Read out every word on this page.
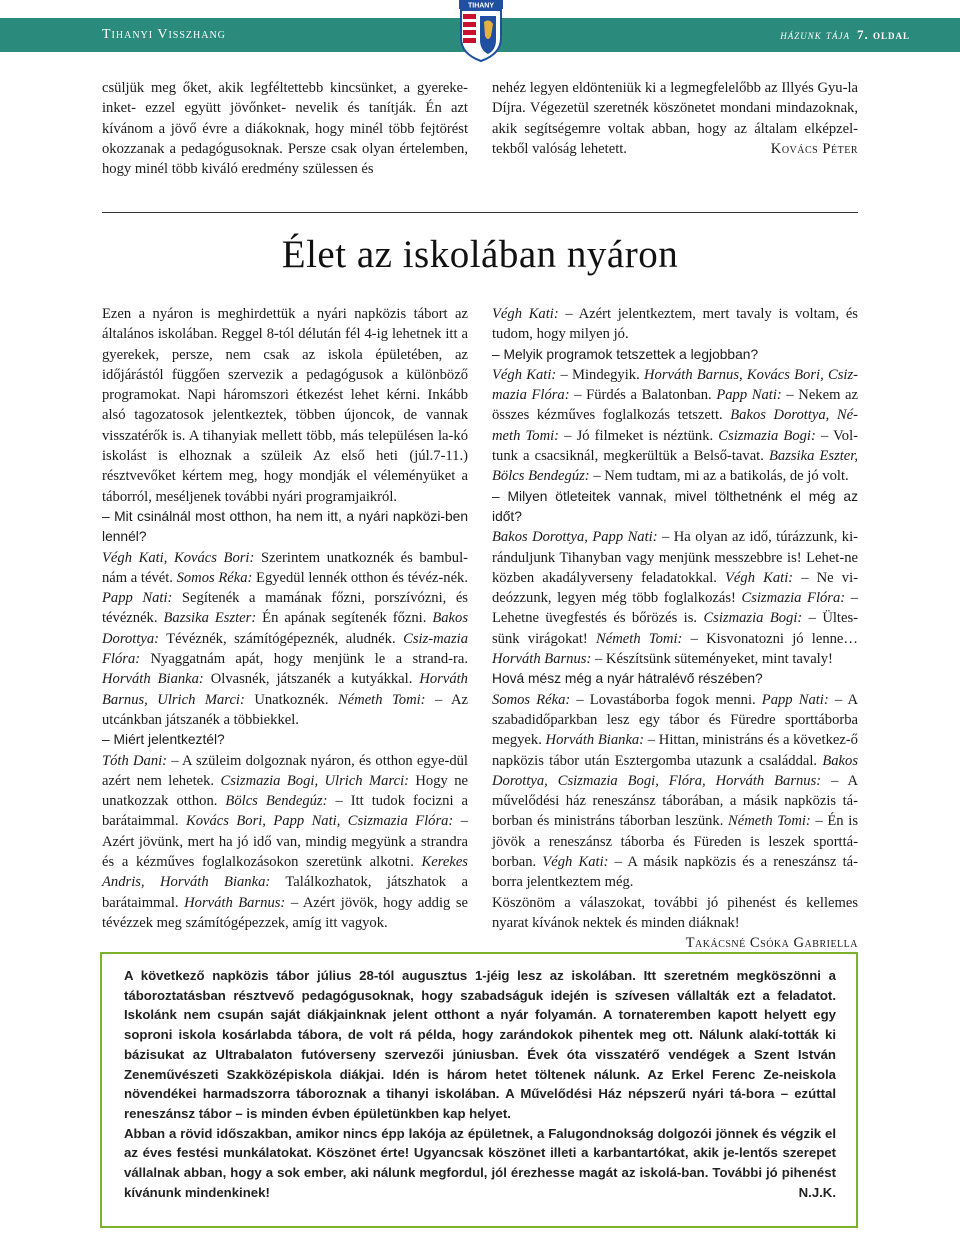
Tihanyi Visszhang	házunk tája 7. oldal
TIHANY

csüljük meg őket, akik legféltettebb kincsünket, a gyereke-inket- ezzel együtt jövőnket- nevelik és tanítják. Én azt kívánom a jövő évre a diákoknak, hogy minél több fejtörést okozzanak a pedagógusoknak. Persze csak olyan értelemben, hogy minél több kiváló eredmény szülessen és

nehéz legyen eldönteniük ki a legmegfelelőbb az Illyés Gyu-la Díjra. Végezetül szeretnék köszönetet mondani mindazoknak, akik segítségemre voltak abban, hogy az általam elképzel-tekből valóság lehetett.	Kovács Péter

Élet az iskolában nyáron

Ezen a nyáron is meghirdettük a nyári napközis tábort az általános iskolában. Reggel 8-tól délután fél 4-ig lehetnek itt a gyerekek, persze, nem csak az iskola épületében, az időjárástól függően szervezik a pedagógusok a különböző programokat. Napi háromszori étkezést lehet kérni. Inkább alsó tagozatosok jelentkeztek, többen újoncok, de vannak visszatérők is. A tihanyiak mellett több, más településen la-kó iskolást is elhoznak a szüleik Az első heti (júl.7-11.) résztvevőket kértem meg, hogy mondják el véleményüket a táborról, meséljenek további nyári programjaikról.

– Mit csinálnál most otthon, ha nem itt, a nyári napközi-ben lennél?

Végh Kati, Kovács Bori: Szerintem unatkoznék és bambul-nám a tévét. Somos Réka: Egyedül lennék otthon és tévéz-nék. Papp Nati: Segítenék a mamának főzni, porszívózni, és tévéznék. Bazsika Eszter: Én apának segítenék főzni. Bakos Dorottya: Tévéznék, számítógépeznék, aludnék. Csiz-mazia Flóra: Nyaggatnám apát, hogy menjünk le a strand-ra. Horváth Bianka: Olvasnék, játszanék a kutyákkal. Horváth Barnus, Ulrich Marci: Unatkoznék. Németh Tomi: – Az utcánkban játszanék a többiekkel.

– Miért jelentkeztél?

Tóth Dani: – A szüleim dolgoznak nyáron, és otthon egye-dül azért nem lehetek. Csizmazia Bogi, Ulrich Marci: Hogy ne unatkozzak otthon. Bölcs Bendegúz: – Itt tudok focizni a barátaimmal. Kovács Bori, Papp Nati, Csizmazia Flóra: – Azért jövünk, mert ha jó idő van, mindig megyünk a strandra és a kézműves foglalkozásokon szeretünk alkotni. Kerekes Andris, Horváth Bianka: Találkozhatok, játszhatok a barátaimmal. Horváth Barnus: – Azért jövök, hogy addig se tévézzek meg számítógépezzek, amíg itt vagyok.

Végh Kati: – Azért jelentkeztem, mert tavaly is voltam, és tudom, hogy milyen jó.

– Melyik programok tetszettek a legjobban?

Végh Kati: – Mindegyik. Horváth Barnus, Kovács Bori, Csiz-mazia Flóra: – Fürdés a Balatonban. Papp Nati: – Nekem az összes kézműves foglalkozás tetszett. Bakos Dorottya, Né-meth Tomi: – Jó filmeket is néztünk. Csizmazia Bogi: – Vol-tunk a csacsiknál, megkerültük a Belső-tavat. Bazsika Eszter, Bölcs Bendegúz: – Nem tudtam, mi az a batikolás, de jó volt.

– Milyen ötleteitek vannak, mivel tölthetnénk el még az időt?

Bakos Dorottya, Papp Nati: – Ha olyan az idő, túrázzunk, ki-ránduljunk Tihanyban vagy menjünk messzebbre is! Lehet-ne közben akadályverseny feladatokkal. Végh Kati: – Ne vi-deózzunk, legyen még több foglalkozás! Csizmazia Flóra: – Lehetne üvegfestés és bőrözés is. Csizmazia Bogi: – Ültes-sünk virágokat! Németh Tomi: – Kisvonatozni jó lenne… Horváth Barnus: – Készítsünk süteményeket, mint tavaly!

Hová mész még a nyár hátralévő részében?

Somos Réka: – Lovastáborba fogok menni. Papp Nati: – A szabadidőparkban lesz egy tábor és Füredre sporttáborba megyek. Horváth Bianka: – Hittan, ministráns és a következ-ő napközis tábor után Esztergomba utazunk a családdal. Bakos Dorottya, Csizmazia Bogi, Flóra, Horváth Barnus: – A művelődési ház reneszánsz táborában, a másik napközis tá-borban és ministráns táborban leszünk. Németh Tomi: – Én is jövök a reneszánsz táborba és Füreden is leszek sporttá-borban. Végh Kati: – A másik napközis és a reneszánsz tá-borra jelentkeztem még.

Köszönöm a válaszokat, további jó pihenést és kellemes nyarat kívánok nektek és minden diáknak!

Takácsné Csóka Gabriella

A következő napközis tábor július 28-tól augusztus 1-jéig lesz az iskolában. Itt szeretném megköszönni a táboroztatásban résztvevő pedagógusoknak, hogy szabadságuk idején is szívesen vállalták ezt a feladatot. Iskolánk nem csupán saját diákjainknak jelent otthont a nyár folyamán. A tornateremben kapott helyett egy soproni iskola kosárlabda tábora, de volt rá példa, hogy zarándokok pihentek meg ott. Nálunk alakí-tották ki bázisukat az Ultrabalaton futóverseny szervezői júniusban. Évek óta visszatérő vendégek a Szent István Zeneművészeti Szakközépiskola diákjai. Idén is három hetet töltenek nálunk. Az Erkel Ferenc Ze-neiskola növendékei harmadszorra táboroznak a tihanyi iskolában. A Művelődési Ház népszerű nyári tá-bora – ezúttal reneszánsz tábor – is minden évben épületünkben kap helyet.

Abban a rövid időszakban, amikor nincs épp lakója az épületnek, a Falugondnokság dolgozói jönnek és végzik el az éves festési munkálatokat. Köszönet érte! Ugyancsak köszönet illeti a karbantartókat, akik je-lentős szerepet vállalnak abban, hogy a sok ember, aki nálunk megfordul, jól érezhesse magát az iskolá-ban. További jó pihenést kívánunk mindenkinek!	N.J.K.
